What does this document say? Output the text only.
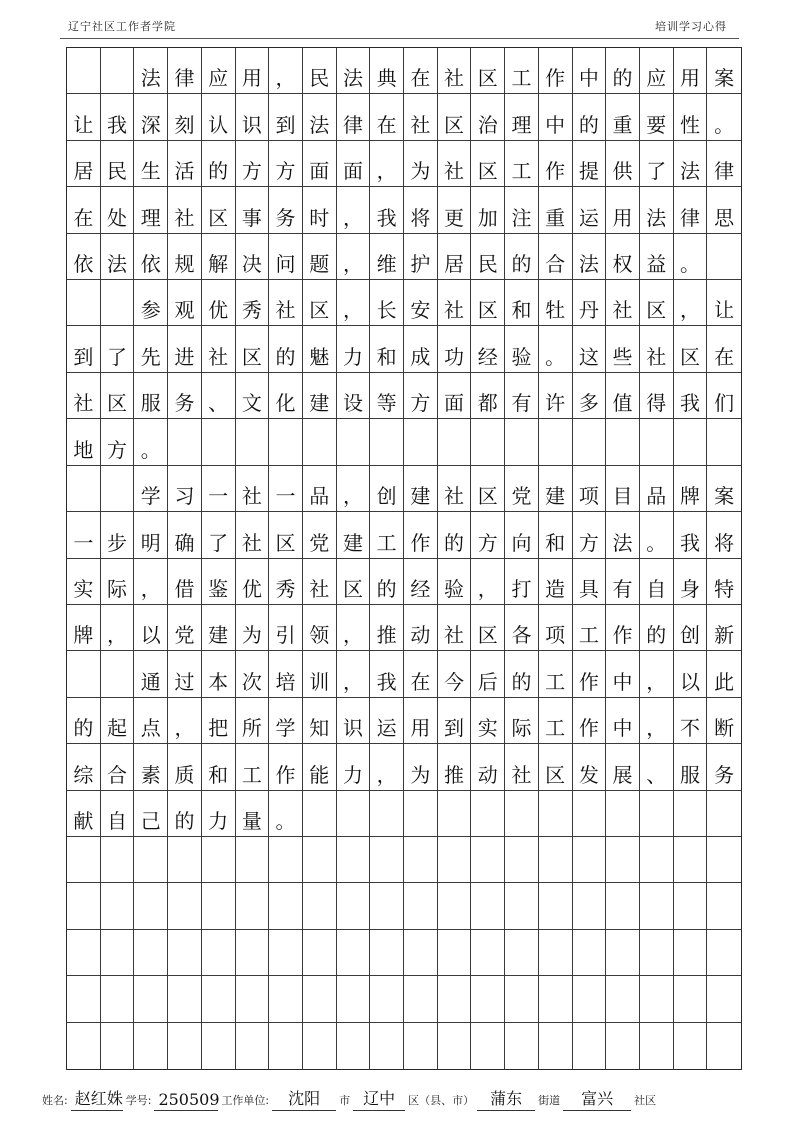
辽宁社区工作者学院	培训学习心得
法 律 应 用 ， 民 法 典 在 社 区 工 作 中 的 应 用 案
让 我 深 刻 认 识 到 法 律 在 社 区 治 理 中 的 重 要 性 。
居 民 生 活 的 方 方 面 面 ， 为 社 区 工 作 提 供 了 法 律
在 处 理 社 区 事 务 时 ， 我 将 更 加 注 重 运 用 法 律 思
依 法 依 规 解 决 问 题 ， 维 护 居 民 的 合 法 权 益 。
参 观 优 秀 社 区 ， 长 安 社 区 和 牡 丹 社 区 ， 让
到 了 先 进 社 区 的 魅 力 和 成 功 经 验 。 这 些 社 区 在
社 区 服 务 、 文 化 建 设 等 方 面 都 有 许 多 值 得 我 们
地 方 。
学 习 一 社 一 品 ， 创 建 社 区 党 建 项 目 品 牌 案
一 步 明 确 了 社 区 党 建 工 作 的 方 向 和 方 法 。 我 将
实 际 ， 借 鉴 优 秀 社 区 的 经 验 ， 打 造 具 有 自 身 特
牌 ， 以 党 建 为 引 领 ， 推 动 社 区 各 项 工 作 的 创 新
通 过 本 次 培 训 ， 我 在 今 后 的 工 作 中 ， 以 此
的 起 点 ， 把 所 学 知 识 运 用 到 实 际 工 作 中 ， 不 断
综 合 素 质 和 工 作 能 力 ， 为 推 动 社 区 发 展 、 服 务
献 自 己 的 力 量 。
姓名: 赵红姝 学号: 250509 工作单位:	沈阳	市 辽中	区（县、市） 蒲东	街道	富兴	社区
